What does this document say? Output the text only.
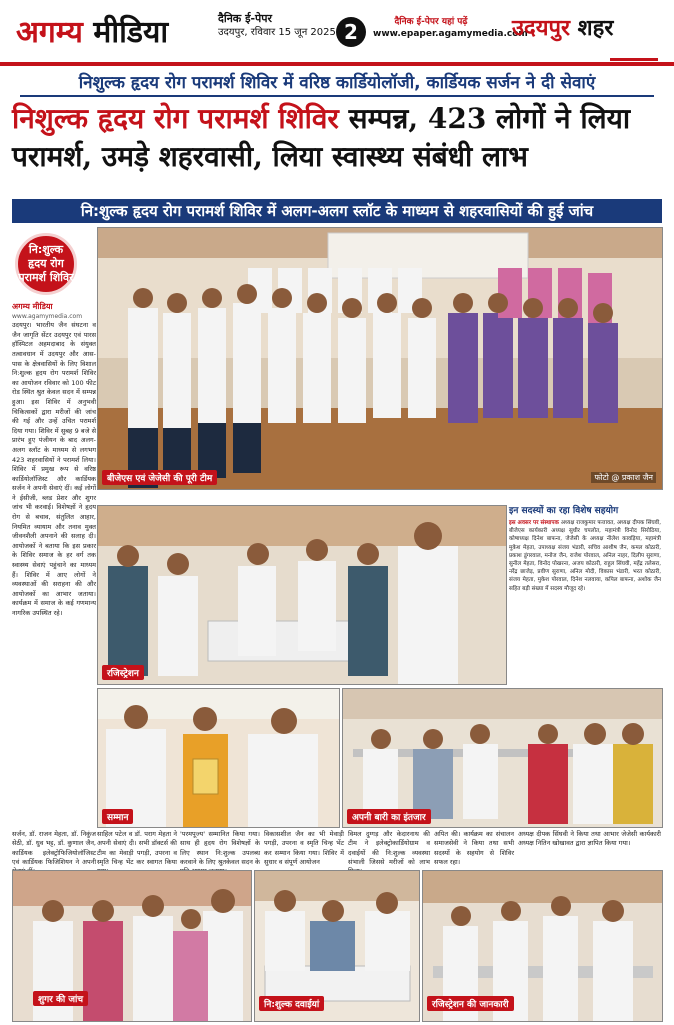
अगम्य मीडिया	दैनिक ई-पेपर
उदयपुर, रविवार 15 जून 2025 2	दैनिक ई-पेपर यहां पढ़ें
www.epaper.agamymedia.com
उदयपुर शहर
निशुल्क हृदय रोग परामर्श शिविर में वरिष्ठ कार्डियोलॉजी, कार्डियक सर्जन ने दी सेवाएं
निशुल्क हृदय रोग परामर्श शिविर सम्पन्न, 423 लोगों ने लिया परामर्श, उमड़े शहरवासी, लिया स्वास्थ्य संबंधी लाभ
नि:शुल्क हृदय रोग परामर्श शिविर में अलग-अलग स्लॉट के माध्यम से शहरवासियों की हुई जांच
नि:शुल्क हृदय रोग परामर्श शिविर
अगम्य मीडिया
www.agamymedia.com
उदयपुर। भारतीय जैन संघटना व जैन जागृति सेंटर उदयपुर एवं पारस हॉस्पिटल अहमदाबाद के संयुक्त तत्वावधान में उदयपुर और आस-पास के क्षेत्रवासियों के लिए विशाल नि:शुल्क हृदय रोग परामर्श शिविर का आयोजन रविवार को 100 फीट रोड स्थित श्रुत केवल सदन में सम्पन्न हुआ। इस शिविर में अनुभवी चिकित्सकों द्वारा मरीजों की जांच की गई और उन्हें उचित परामर्श दिया गया। शिविर में सुबह 9 बजे से प्रारंभ हुए पंजीयन के बाद अलग-अलग स्लॉट के माध्यम से लगभग 423 शहरवासियों ने परामर्श लिया। शिविर में प्रमुख रूप से वरिष्ठ कार्डियोलॉजिस्ट और कार्डियक सर्जन ने अपनी सेवाएं दीं। कई लोगों ने ईसीजी, ब्लड प्रेशर और शुगर जांच भी करवाई। विशेषज्ञों ने हृदय रोग से बचाव, संतुलित आहार, नियमित व्यायाम और तनाव मुक्त जीवनशैली अपनाने की सलाह दी। आयोजकों ने बताया कि इस प्रकार के शिविर समाज के हर वर्ग तक स्वास्थ्य सेवाएं पहुंचाने का माध्यम हैं। शिविर में आए लोगों ने व्यवस्थाओं की सराहना की और आयोजकों का आभार जताया। कार्यक्रम में समाज के कई गणमान्य नागरिक उपस्थित रहे।
बीजेएस एवं जेजेसी की पूरी टीम	फोटो @ प्रकाश जैन
रजिस्ट्रेशन
इन सदस्यों का रहा विशेष सहयोग

इस अवसर पर संस्थापक अध्यक्ष राजकुमार फत्तावत, अध्यक्ष दीपक सिंघवी, बीजेएस कार्यकारी अध्यक्ष सुधीर चपलोत, महामंत्री विनोद सिरोठिया, कोषाध्यक्ष दिनेश बाफना, जेजेसी के अध्यक्ष नीलेश कावड़िया, महामंत्री मुकेश मेहता, उपाध्यक्ष संजय भंडारी, सचिव आशीष जैन, कमल कोठारी, प्रकाश डूंगरवाल, मनोज जैन, राजेश पोरवाल, अनिल नाहर, दिलीप सुराणा, सुनील मेहता, विनोद पोखरना, अजय कोठारी, राहुल सिंघवी, महेंद्र तलेसरा, नरेंद्र छाजेड़, प्रवीण सुराणा, अनिल मोदी, विकास भंडारी, भरत कोठारी, संजय मेहता, मुकेश पोरवाल, दिनेश नलवाया, कपिल बाफना, अशोक जैन सहित बड़ी संख्या में सदस्य मौजूद रहे।

सम्मान	अपनी बारी का इंतजार
सर्जन, डॉ. राजन मेहता, डॉ. निकुंज सेठी, डॉ. धुव भट्ट, डॉ. कुणाल जैन, कार्डियक इलेक्ट्रोफिजियोलॉजिस्ट एवं कार्डियक फिजिशियन ने अपनी
साहिल पटेल व डॉ. पराग मेहता ने अपनी सेवाएं दी। सभी डॉक्टर्स की टीम का मेवाड़ी पगड़ी, उपरना व स्मृति चिन्ह भेंट कर स्वागत किया
'परमपूज्य' सम्मानित किया गया। साथ ही हृदय रोग विशेषज्ञों के लिए स्थान नि:शुल्क उपलब्ध करवाने के लिए श्रुतकेवल सदन के
विकासशील जैन का भी मेवाड़ी पगड़ी, उपरना व स्मृति चिन्ह भेंट कर सम्मान किया गया। शिविर में सुधार व संपूर्ण आयोजन
विमल दुग्गड़ और केदारनाथ की टीम ने इलेक्ट्रोकार्डियोग्राम व दवाईयों की नि:शुल्क व्यवस्था संभाली जिससे मरीजों को लाभ
अपित की। कार्यक्रम का संचालन समाजसेवी ने किया तथा सभी सदस्यों के सहयोग से शिविर सफल रहा।
अध्यक्ष दीपक सिंघवी ने किया तथा आभार जेजेसी कार्यकारी अध्यक्ष नितिन खोखावत द्वारा ज्ञापित किया गया।
शुगर की जांच	नि:शुल्क दवाईयां	रजिस्ट्रेशन की जानकारी
